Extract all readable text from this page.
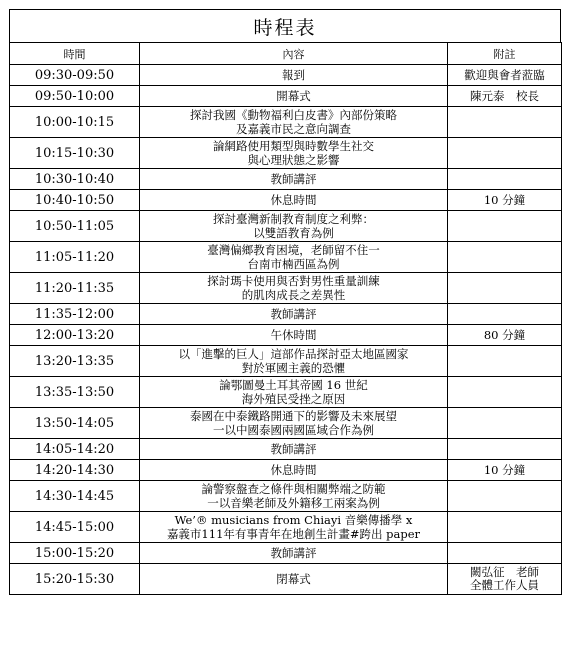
時程表
時間	內容	附註
09:30-09:50	報到	歡迎與會者蒞臨

09:50-10:00	開幕式	陳元泰　校長

10:00-10:15	探討我國《動物福利白皮書》內部份策略
及嘉義市民之意向調查	

10:15-10:30	論網路使用類型與時數學生社交
與心理狀態之影響	

10:30-10:40	教師講評	

10:40-10:50	休息時間	10 分鐘

10:50-11:05	探討臺灣新制教育制度之利弊：
以雙語教育為例	

11:05-11:20	臺灣偏鄉教育困境，老師留不住一
台南市楠西區為例	

11:20-11:35	探討瑪卡使用與否對男性重量訓練
的肌肉成長之差異性	

11:35-12:00	教師講評	

12:00-13:20	午休時間	80 分鐘

13:20-13:35	以「進擊的巨人」這部作品探討亞太地區國家
對於軍國主義的恐懼	

13:35-13:50	論鄂圖曼土耳其帝國 16 世紀
海外殖民受挫之原因	

13:50-14:05	泰國在中泰鐵路開通下的影響及未來展望
一以中國泰國兩國區域合作為例	

14:05-14:20	教師講評	

14:20-14:30	休息時間	10 分鐘

14:30-14:45	論警察盤查之條件與相關弊端之防範
一以音樂老師及外籍移工兩案為例	

14:45-15:00	We’® musicians from Chiayi 音樂傳播學 x
嘉義市111年有事青年在地創生計畫#跨出 paper	

15:00-15:20	教師講評	

15:20-15:30	閉幕式	闕弘征　老師
全體工作人員
